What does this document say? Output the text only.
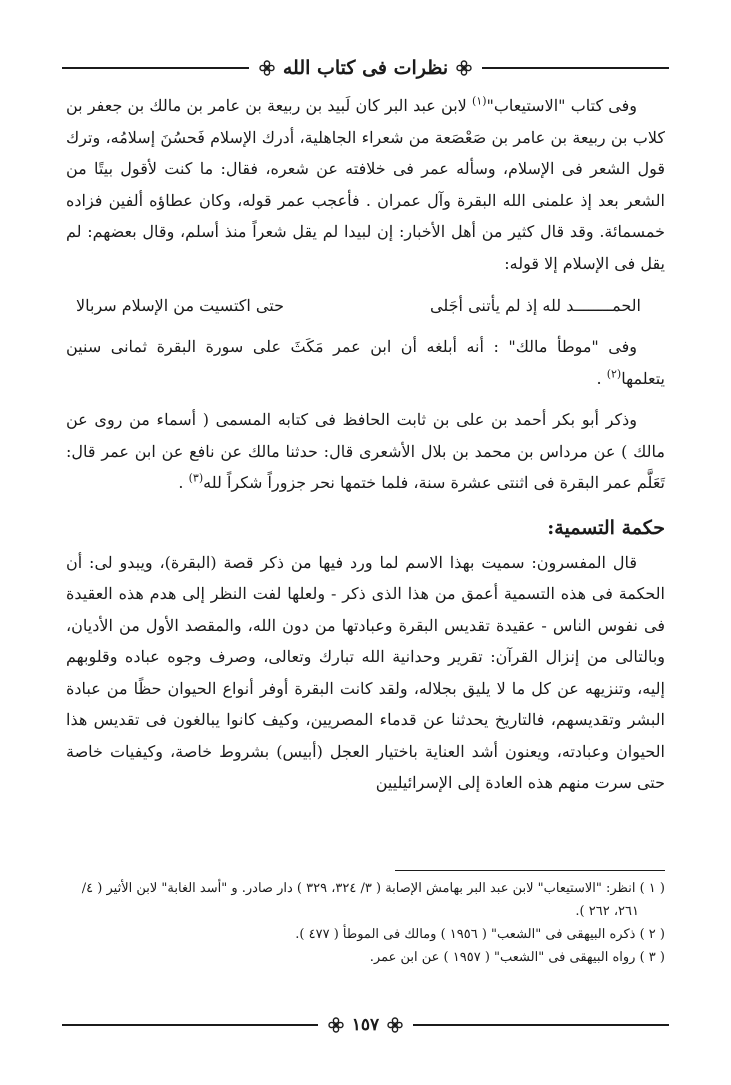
نظرات فى كتاب الله

وفى كتاب "الاستيعاب"$^{(١)}$ لابن عبد البر كان لَبيد بن ربيعة بن عامر بن مالك بن جعفر بن كلاب بن ربيعة بن عامر بن صَعْصَعة من شعراء الجاهلية، أدرك الإسلام فَحسُنَ إسلامُه، وترك قول الشعر فى الإسلام، وسأله عمر فى خلافته عن شعره، فقال: ما كنت لأقول بيتًا من الشعر بعد إذ علمنى الله البقرة وآل عمران . فأعجب عمر قوله، وكان عطاؤه ألفين فزاده خمسمائة. وقد قال كثير من أهل الأخبار: إن لبيدا لم يقل شعراً منذ أسلم، وقال بعضهم: لم يقل فى الإسلام إلا قوله:

الحمــــــــد لله إذ لم يأتنى أجَلى
حتى اكتسيت من الإسلام سربالا

وفى "موطأ مالك" : أنه أبلغه أن ابن عمر مَكَثَ على سورة البقرة ثمانى سنين يتعلمها$^{(٢)}$ .

وذكر أبو بكر أحمد بن على بن ثابت الحافظ فى كتابه المسمى ( أسماء من روى عن مالك ) عن مرداس بن محمد بن بلال الأشعرى قال: حدثنا مالك عن نافع عن ابن عمر قال: تَعَلَّم عمر البقرة فى اثنتى عشرة سنة، فلما ختمها نحر جزوراً شكراً لله$^{(٣)}$ .

حكمة التسمية:

قال المفسرون: سميت بهذا الاسم لما ورد فيها من ذكر قصة (البقرة)، ويبدو لى: أن الحكمة فى هذه التسمية أعمق من هذا الذى ذكر - ولعلها لفت النظر إلى هدم هذه العقيدة فى نفوس الناس - عقيدة تقديس البقرة وعبادتها من دون الله، والمقصد الأول من الأديان، وبالتالى من إنزال القرآن: تقرير وحدانية الله تبارك وتعالى، وصرف وجوه عباده وقلوبهم إليه، وتنزيهه عن كل ما لا يليق بجلاله، ولقد كانت البقرة أوفر أنواع الحيوان حظًا من عبادة البشر وتقديسهم، فالتاريخ يحدثنا عن قدماء المصريين، وكيف كانوا يبالغون فى تقديس هذا الحيوان وعبادته، ويعنون أشد العناية باختيار العجل (أبيس) بشروط خاصة، وكيفيات خاصة حتى سرت منهم هذه العادة إلى الإسرائيليين

( ١ ) انظر: "الاستيعاب" لابن عبد البر بهامش الإصابة ( ٣/ ٣٢٤، ٣٢٩ ) دار صادر. و "أسد الغابة" لابن الأثير ( ٤/ ٢٦١، ٢٦٢ ).

( ٢ ) ذكره البيهقى فى "الشعب" ( ١٩٥٦ ) ومالك فى الموطأ ( ٤٧٧ ).

( ٣ ) رواه البيهقى فى "الشعب" ( ١٩٥٧ ) عن ابن عمر.

١٥٧
